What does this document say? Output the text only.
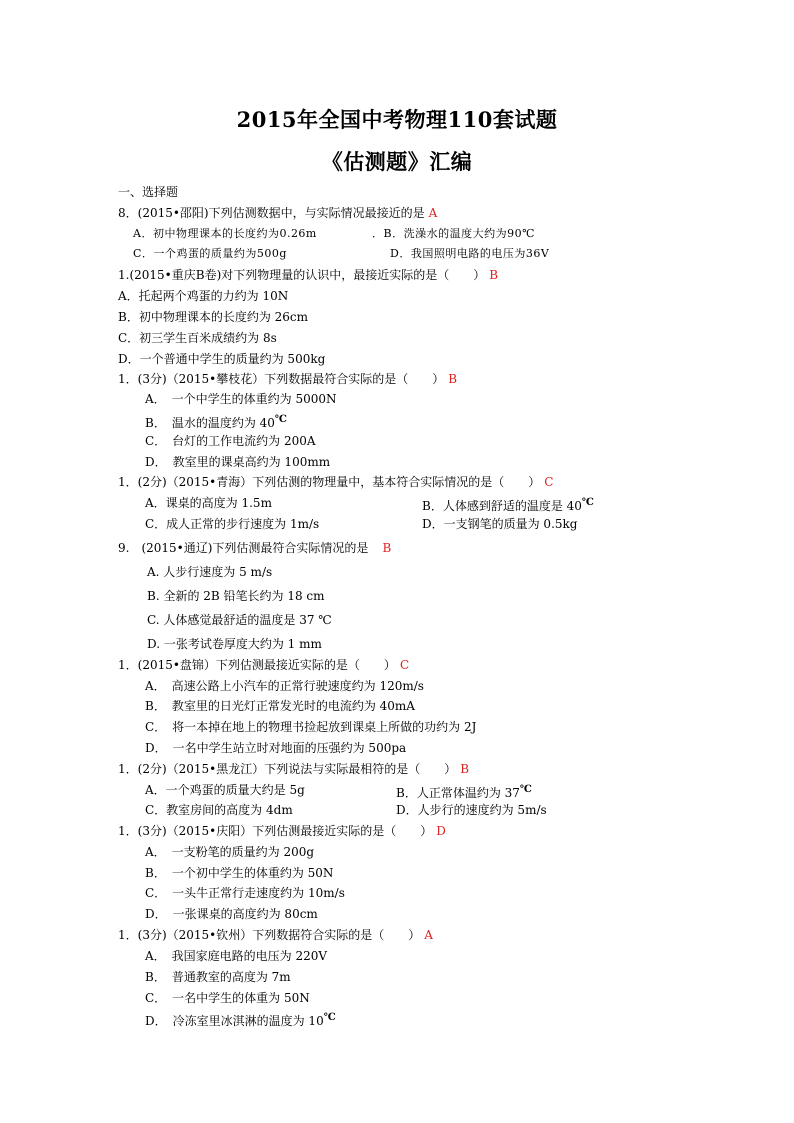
2015年全国中考物理110套试题
《估测题》汇编
一、选择题
8．(2015•邵阳)下列估测数据中，与实际情况最接近的是 A
A．初中物理课本的长度约为0.26m	．B．洗澡水的温度大约为90℃
C．一个鸡蛋的质量约为500g	D．我国照明电路的电压为36V
1.(2015•重庆B卷)对下列物理量的认识中，最接近实际的是（　　） B
A．托起两个鸡蛋的力约为 10N
B．初中物理课本的长度约为 26cm
C．初三学生百米成绩约为 8s
D．一个普通中学生的质量约为 500kg
1．(3分)（2015•攀枝花）下列数据最符合实际的是（　　） B
A．　一个中学生的体重约为 5000N
B．　温水的温度约为 40℃
C．　台灯的工作电流约为 200A
D．　教室里的课桌高约为 100mm
1．(2分)（2015•青海）下列估测的物理量中，基本符合实际情况的是（　　） C
A．课桌的高度为 1.5m	B．人体感到舒适的温度是 40℃
C．成人正常的步行速度为 1m/s	D．一支钢笔的质量为 0.5kg
9.　(2015•通辽)下列估测最符合实际情况的是 B
A. 人步行速度为 5 m/s
B. 全新的 2B 铅笔长约为 18 cm
C. 人体感觉最舒适的温度是 37 ℃
D. 一张考试卷厚度大约为 1 mm
1．(2015•盘锦）下列估测最接近实际的是（　　） C
A．　高速公路上小汽车的正常行驶速度约为 120m/s
B．　教室里的日光灯正常发光时的电流约为 40mA
C．　将一本掉在地上的物理书捡起放到课桌上所做的功约为 2J
D．　一名中学生站立时对地面的压强约为 500pa
1．(2分)（2015•黑龙江）下列说法与实际最相符的是（　　） B
A．一个鸡蛋的质量大约是 5g	B．人正常体温约为 37℃
C．教室房间的高度为 4dm	D．人步行的速度约为 5m/s
1．(3分)（2015•庆阳）下列估测最接近实际的是（　　） D
A．　一支粉笔的质量约为 200g
B．　一个初中学生的体重约为 50N
C．　一头牛正常行走速度约为 10m/s
D．　一张课桌的高度约为 80cm
1．(3分)（2015•钦州）下列数据符合实际的是（　　） A
A．　我国家庭电路的电压为 220V
B．　普通教室的高度为 7m
C．　一名中学生的体重为 50N
D．　冷冻室里冰淇淋的温度为 10℃
